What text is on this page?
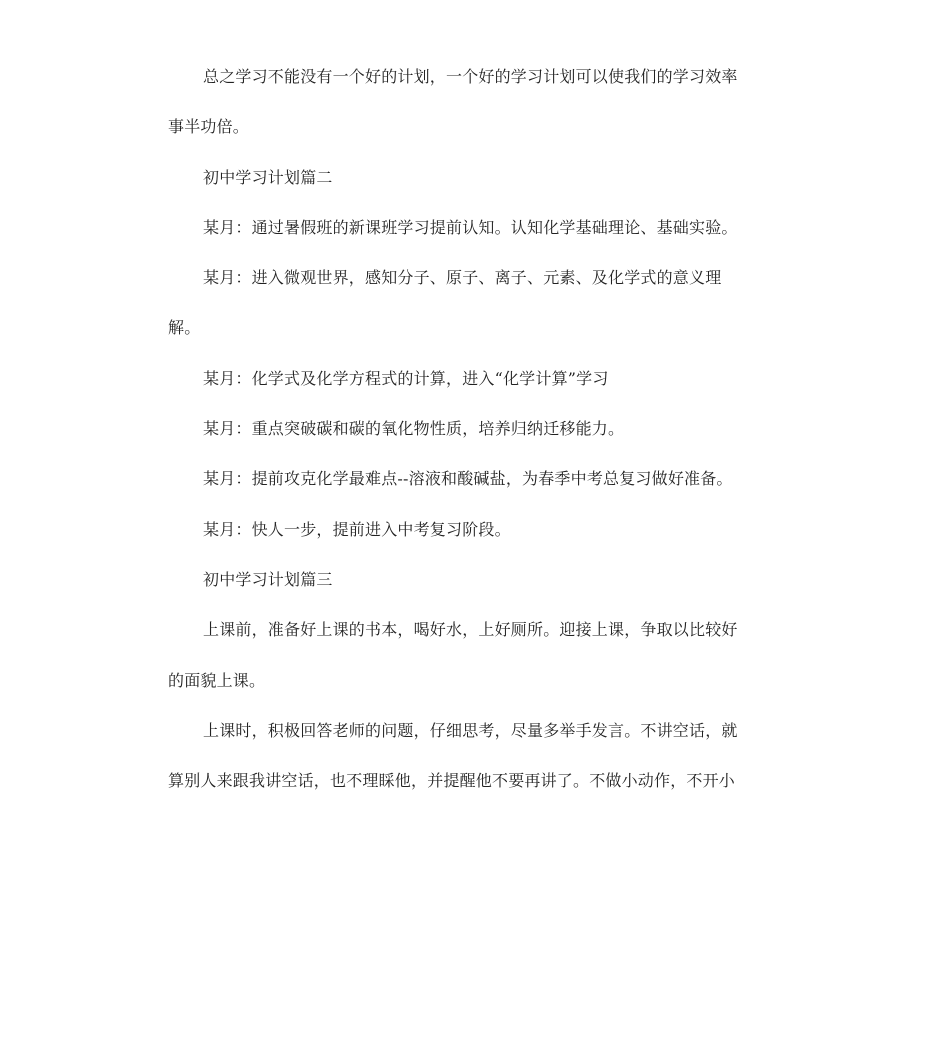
总之学习不能没有一个好的计划，一个好的学习计划可以使我们的学习效率
事半功倍。
初中学习计划篇二
某月：通过暑假班的新课班学习提前认知。认知化学基础理论、基础实验。
某月：进入微观世界，感知分子、原子、离子、元素、及化学式的意义理
解。
某月：化学式及化学方程式的计算，进入“化学计算”学习
某月：重点突破碳和碳的氧化物性质，培养归纳迁移能力。
某月：提前攻克化学最难点--溶液和酸碱盐，为春季中考总复习做好准备。
某月：快人一步，提前进入中考复习阶段。
初中学习计划篇三
上课前，准备好上课的书本，喝好水，上好厕所。迎接上课，争取以比较好
的面貌上课。
上课时，积极回答老师的问题，仔细思考，尽量多举手发言。不讲空话，就
算别人来跟我讲空话，也不理睬他，并提醒他不要再讲了。不做小动作，不开小
